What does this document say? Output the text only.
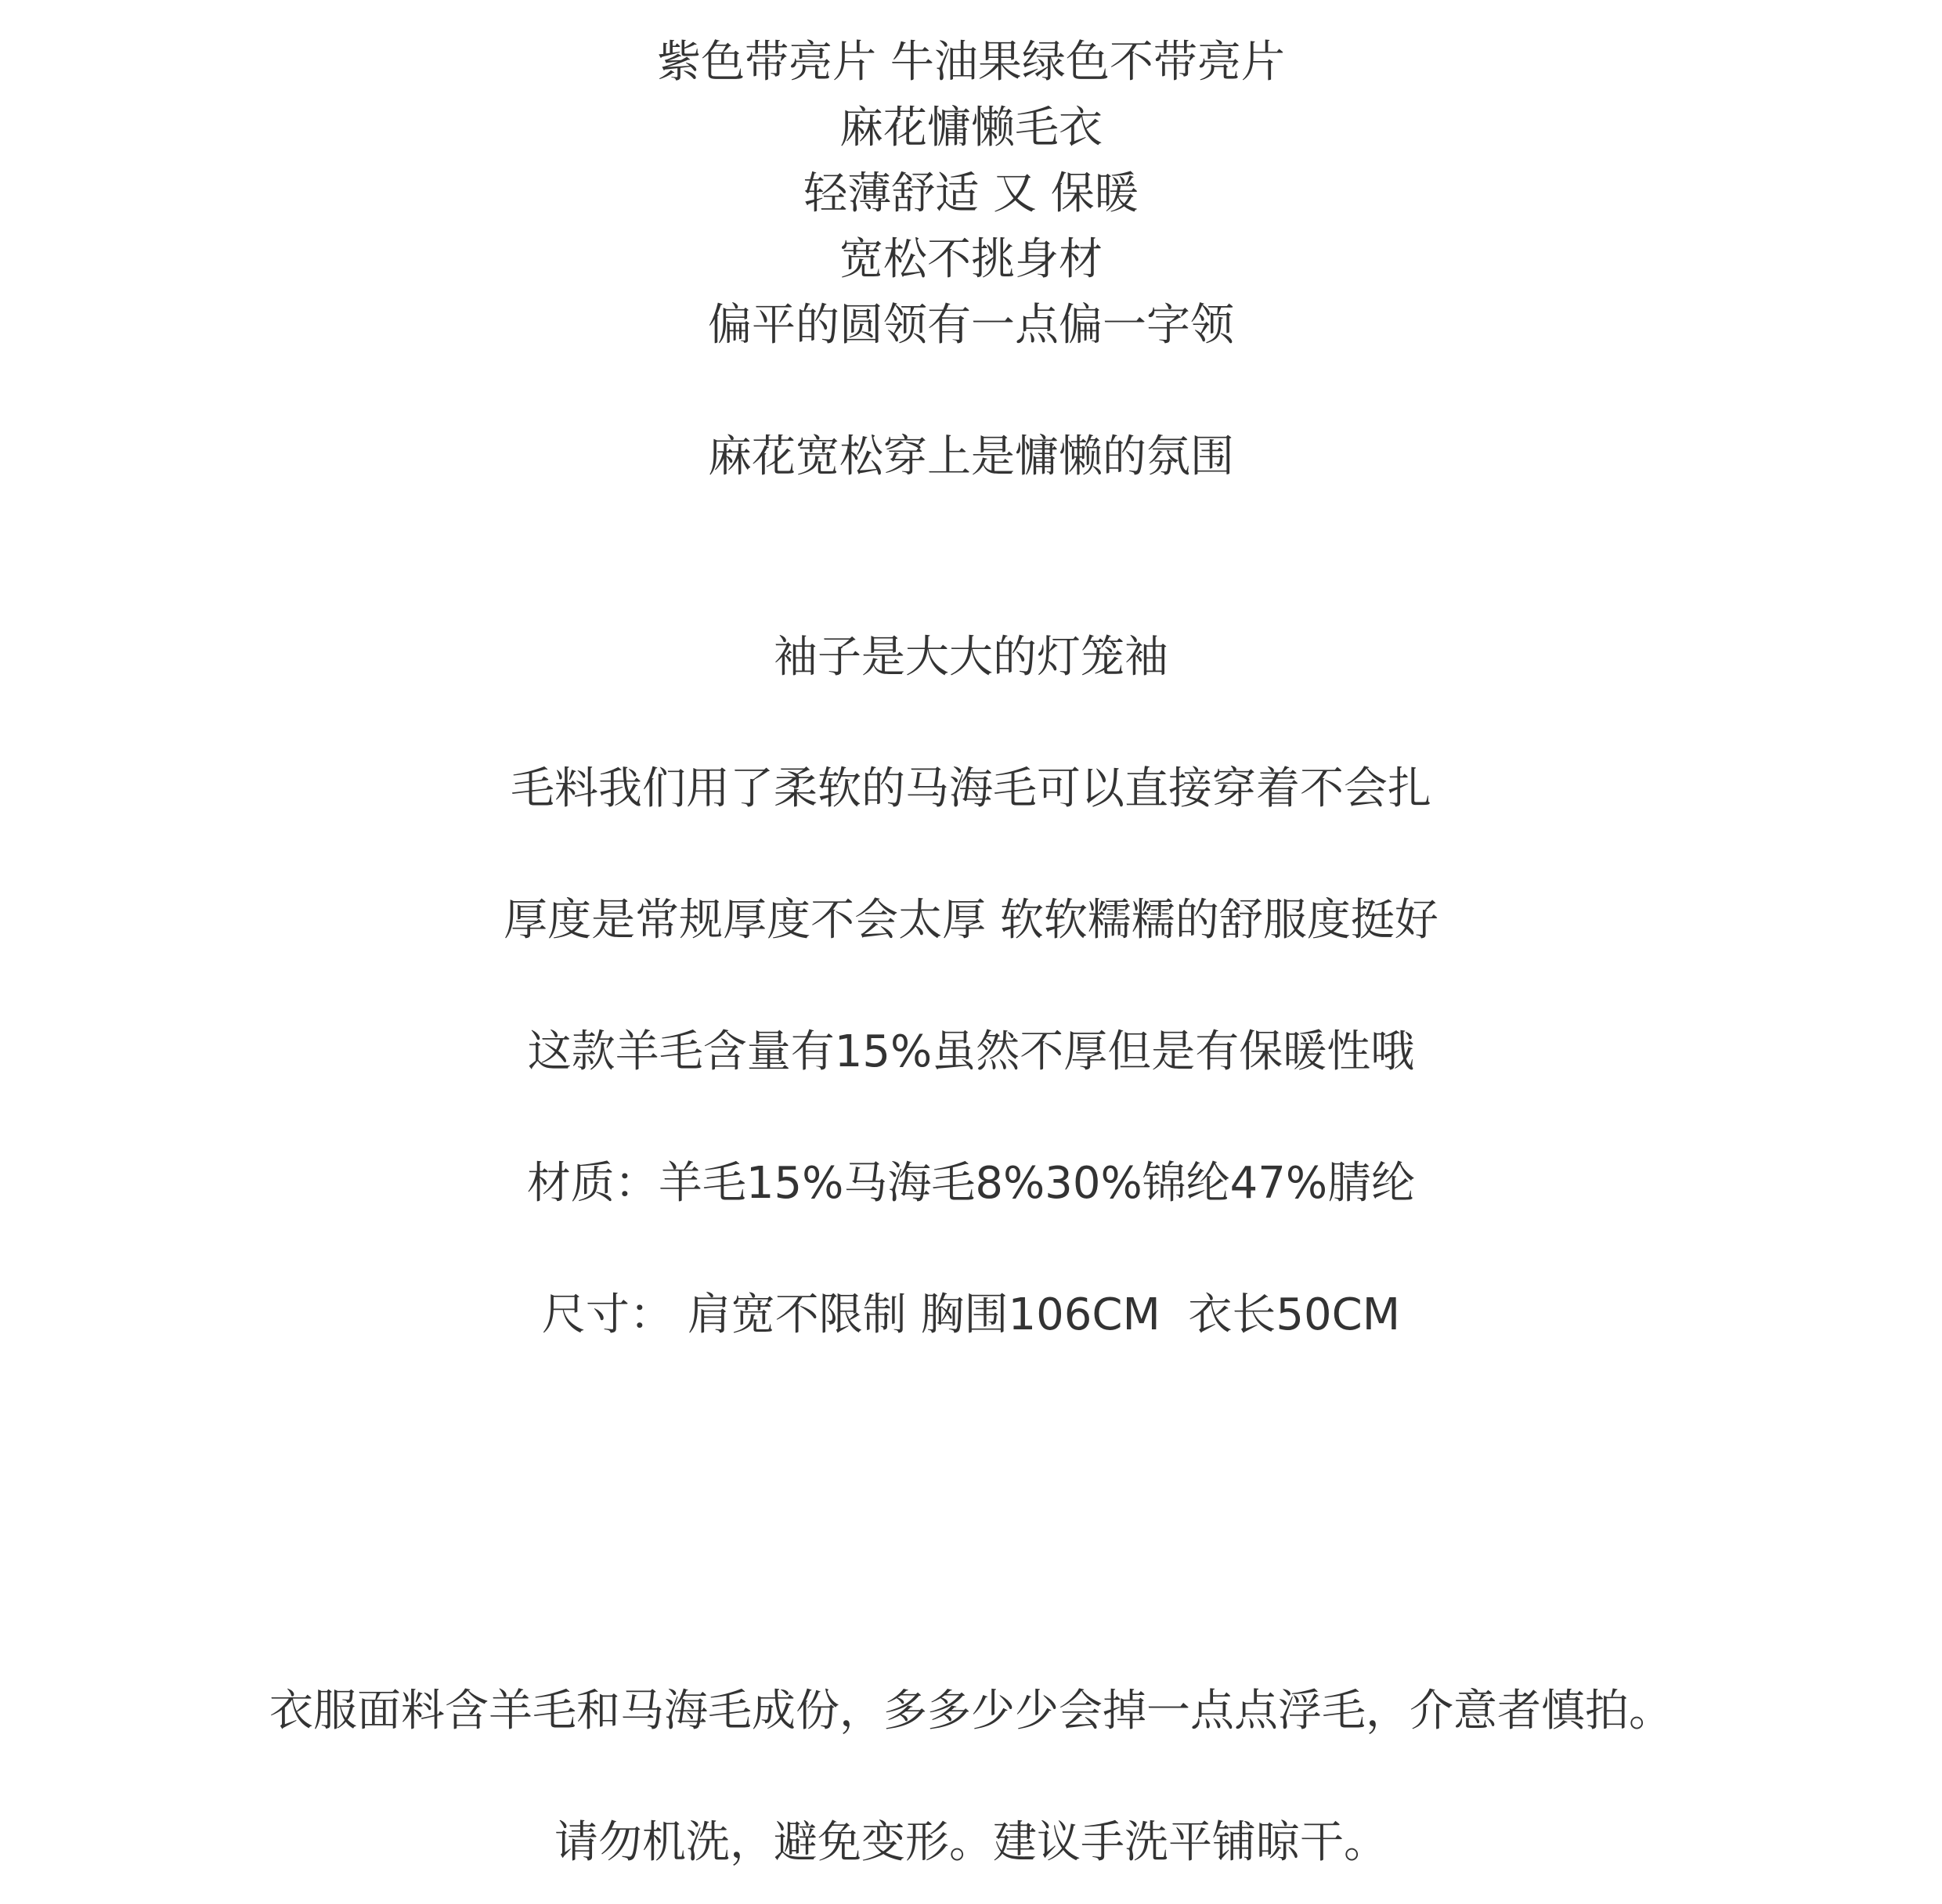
紫色带亮片 牛油果绿色不带亮片
麻花慵懒毛衣
轻薄舒适 又 保暖
宽松不挑身材
偏平的圆领有一点偏一字领
麻花宽松穿上是慵懒的氛围
袖子是大大的灯笼袖
毛料我们用了柔软的马海毛可以直接穿着不会扎
厚度是常规厚度不会太厚 软软糯糯的舒服度挺好
这款羊毛含量有15%虽然不厚但是有保暖性哦
材质：羊毛15%马海毛8%30%锦纶47%腈纶
尺寸： 肩宽不限制 胸围106CM  衣长50CM
衣服面料含羊毛和马海毛成份，多多少少会掉一点点浮毛，介意者慎拍。
请勿机洗，避免变形。建议手洗平铺晾干。
